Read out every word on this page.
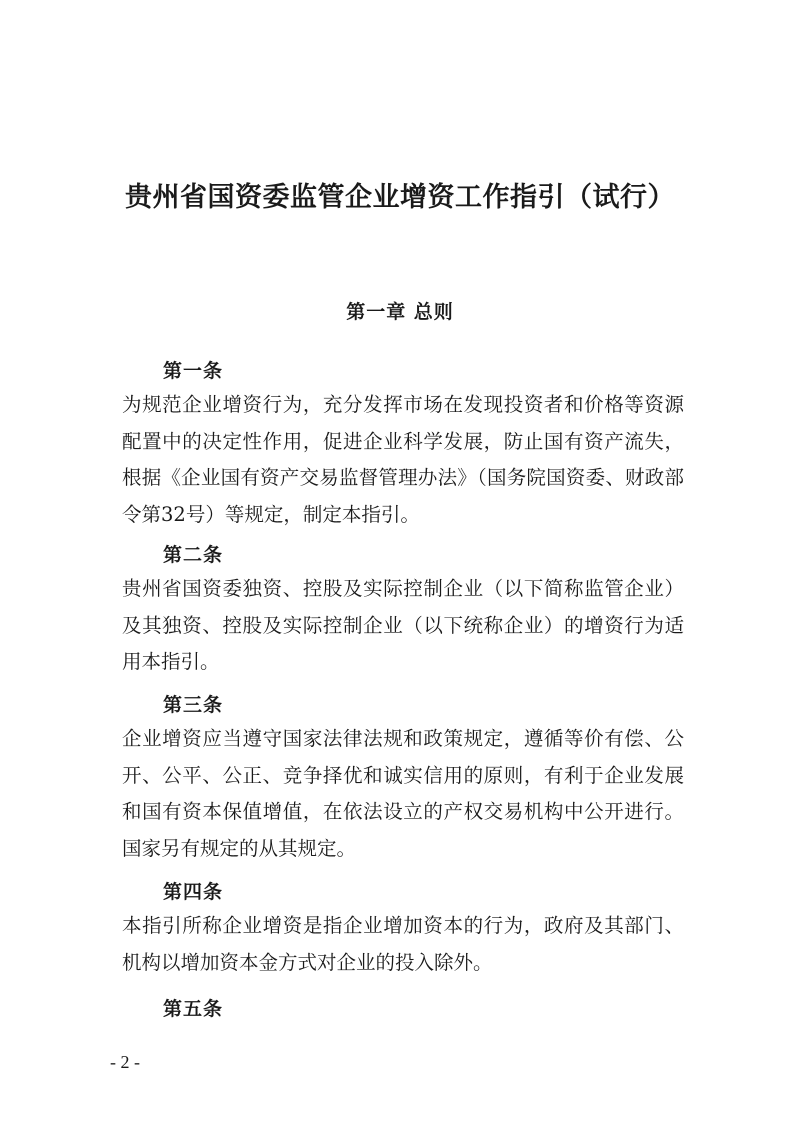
贵州省国资委监管企业增资工作指引（试行）
第一章 总则
第一条

为规范企业增资行为，充分发挥市场在发现投资者和价格等资源配置中的决定性作用，促进企业科学发展，防止国有资产流失，根据《企业国有资产交易监督管理办法》（国务院国资委、财政部令第32号）等规定，制定本指引。

第二条

贵州省国资委独资、控股及实际控制企业（以下简称监管企业）及其独资、控股及实际控制企业（以下统称企业）的增资行为适用本指引。

第三条

企业增资应当遵守国家法律法规和政策规定，遵循等价有偿、公开、公平、公正、竞争择优和诚实信用的原则，有利于企业发展和国有资本保值增值，在依法设立的产权交易机构中公开进行。国家另有规定的从其规定。

第四条

本指引所称企业增资是指企业增加资本的行为，政府及其部门、机构以增加资本金方式对企业的投入除外。

第五条
- 2 -
